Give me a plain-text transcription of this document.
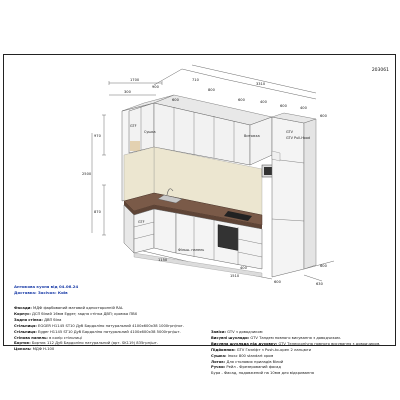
203061
1700
900
300
600
710
800
3310
600	400
600	400
600
970
2500
870
1150
1510
400
600
600
630
GTF
Сушка
Витяжка
GTV
GTV Pull-Hood
GTF
Фільш- панель
Антикова кухня від 04.06.24
Доставка: Засічок: Київ
Фасади: МДФ фарбований матовий односторонній RAL
Корпус: ДСП білий 16мм Egger; задня стінка ДВП; кромка ПВХ
Задня стінка: ДВП біла
Стільниця: EGGER H1145 ST10 Дуб Бардоліно натуральний 4100х600х38 1000грн/пог.
Стільниця: Egger H1145 ST10 Дуб Бардоліно натуральний 4100х600х38 5000грн/шт.
Стінова панель: в колір стільниці
Бортик: Бортик 112 Дуб Бардоліно натуральний (арт. SK119) 835грн/шт.
Цоколь: МДФ Н-100
Завіси: GTV з доводчиком
Висувні шухляди: GTV Тандем повного висування з доводчиком.
Висувна шухляда під духовку: GTV Телескопічна повного висування з доводчиком.
Підйомник: GTV Газліфт з Push-to-open 2 ланцюги
Сушка: Інокс 800 standart хром
Лоток: Для столових приладів білий
Ручки: Рейл - Фрезерований фасад
Бура - Фасад, подовжений на 10мм для відкривання
